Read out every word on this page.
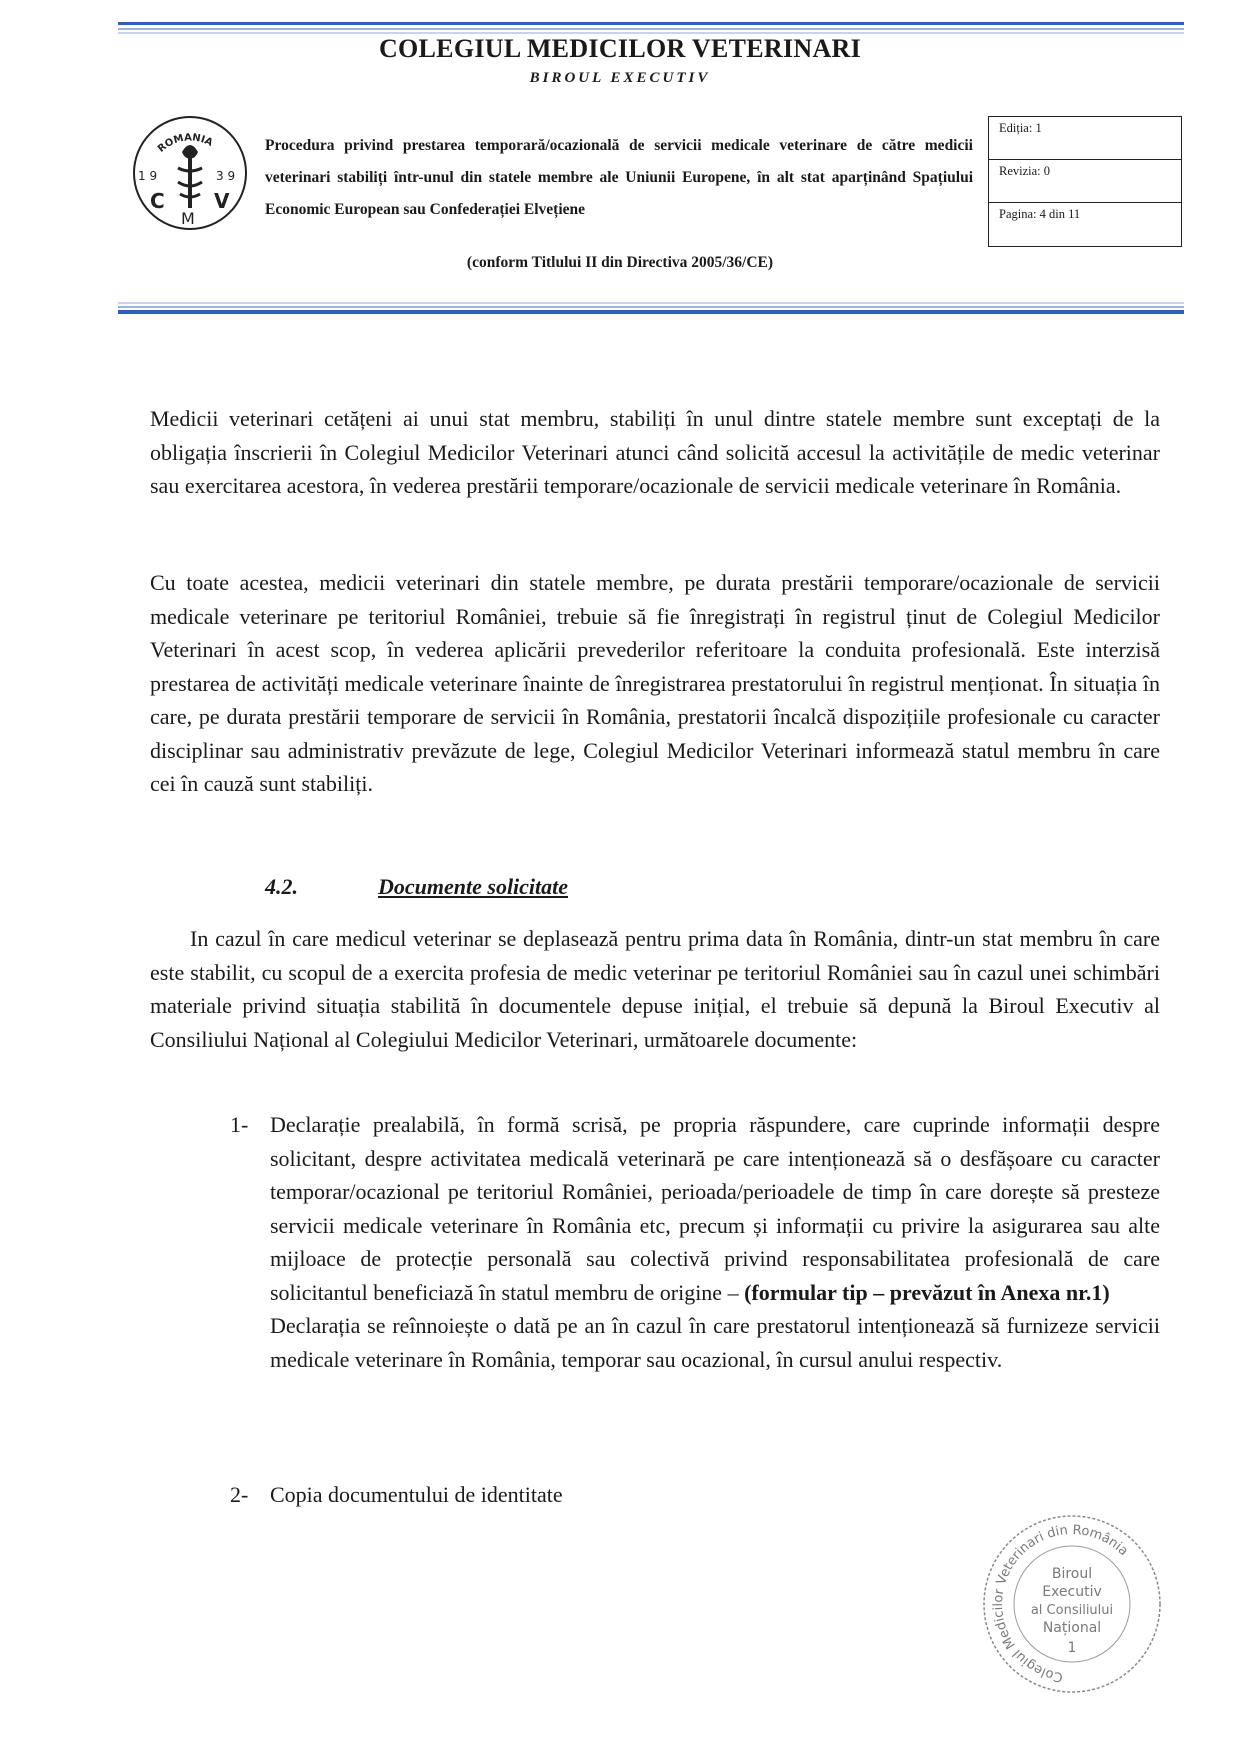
COLEGIUL MEDICILOR VETERINARI
BIROUL EXECUTIV
ROMANIA
1 9	3 9
C
M
V
Procedura privind prestarea temporară/ocazională de servicii medicale veterinare de către medicii veterinari stabiliți într-unul din statele membre ale Uniunii Europene, în alt stat aparținând Spațiului Economic European sau Confederației Elvețiene
Ediția: 1
Revizia: 0
Pagina: 4 din 11
(conform Titlului II din Directiva 2005/36/CE)
Medicii veterinari cetățeni ai unui stat membru, stabiliți în unul dintre statele membre sunt exceptați de la obligația înscrierii în Colegiul Medicilor Veterinari atunci când solicită accesul la activitățile de medic veterinar sau exercitarea acestora, în vederea prestării temporare/ocazionale de servicii medicale veterinare în România.
Cu toate acestea, medicii veterinari din statele membre, pe durata prestării temporare/ocazionale de servicii medicale veterinare pe teritoriul României, trebuie să fie înregistrați în registrul ținut de Colegiul Medicilor Veterinari în acest scop, în vederea aplicării prevederilor referitoare la conduita profesională. Este interzisă prestarea de activități medicale veterinare înainte de înregistrarea prestatorului în registrul menționat. În situația în care, pe durata prestării temporare de servicii în România, prestatorii încalcă dispozițiile profesionale cu caracter disciplinar sau administrativ prevăzute de lege, Colegiul Medicilor Veterinari informează statul membru în care cei în cauză sunt stabiliți.
4.2.	Documente solicitate
In cazul în care medicul veterinar se deplasează pentru prima data în România, dintr-un stat membru în care este stabilit, cu scopul de a exercita profesia de medic veterinar pe teritoriul României sau în cazul unei schimbări materiale privind situația stabilită în documentele depuse inițial, el trebuie să depună la Biroul Executiv al Consiliului Național al Colegiului Medicilor Veterinari, următoarele documente:
1- Declarație prealabilă, în formă scrisă, pe propria răspundere, care cuprinde informații despre solicitant, despre activitatea medicală veterinară pe care intenționează să o desfășoare cu caracter temporar/ocazional pe teritoriul României, perioada/perioadele de timp în care dorește să presteze servicii medicale veterinare în România etc, precum și informații cu privire la asigurarea sau alte mijloace de protecție personală sau colectivă privind responsabilitatea profesională de care solicitantul beneficiază în statul membru de origine – (formular tip – prevăzut în Anexa nr.1)
Declarația se reînnoiește o dată pe an în cazul în care prestatorul intenționează să furnizeze servicii medicale veterinare în România, temporar sau ocazional, în cursul anului respectiv.
2- Copia documentului de identitate
Colegiul Medicilor Veterinari din România
Biroul
Executiv
al Consiliului
Național
1
